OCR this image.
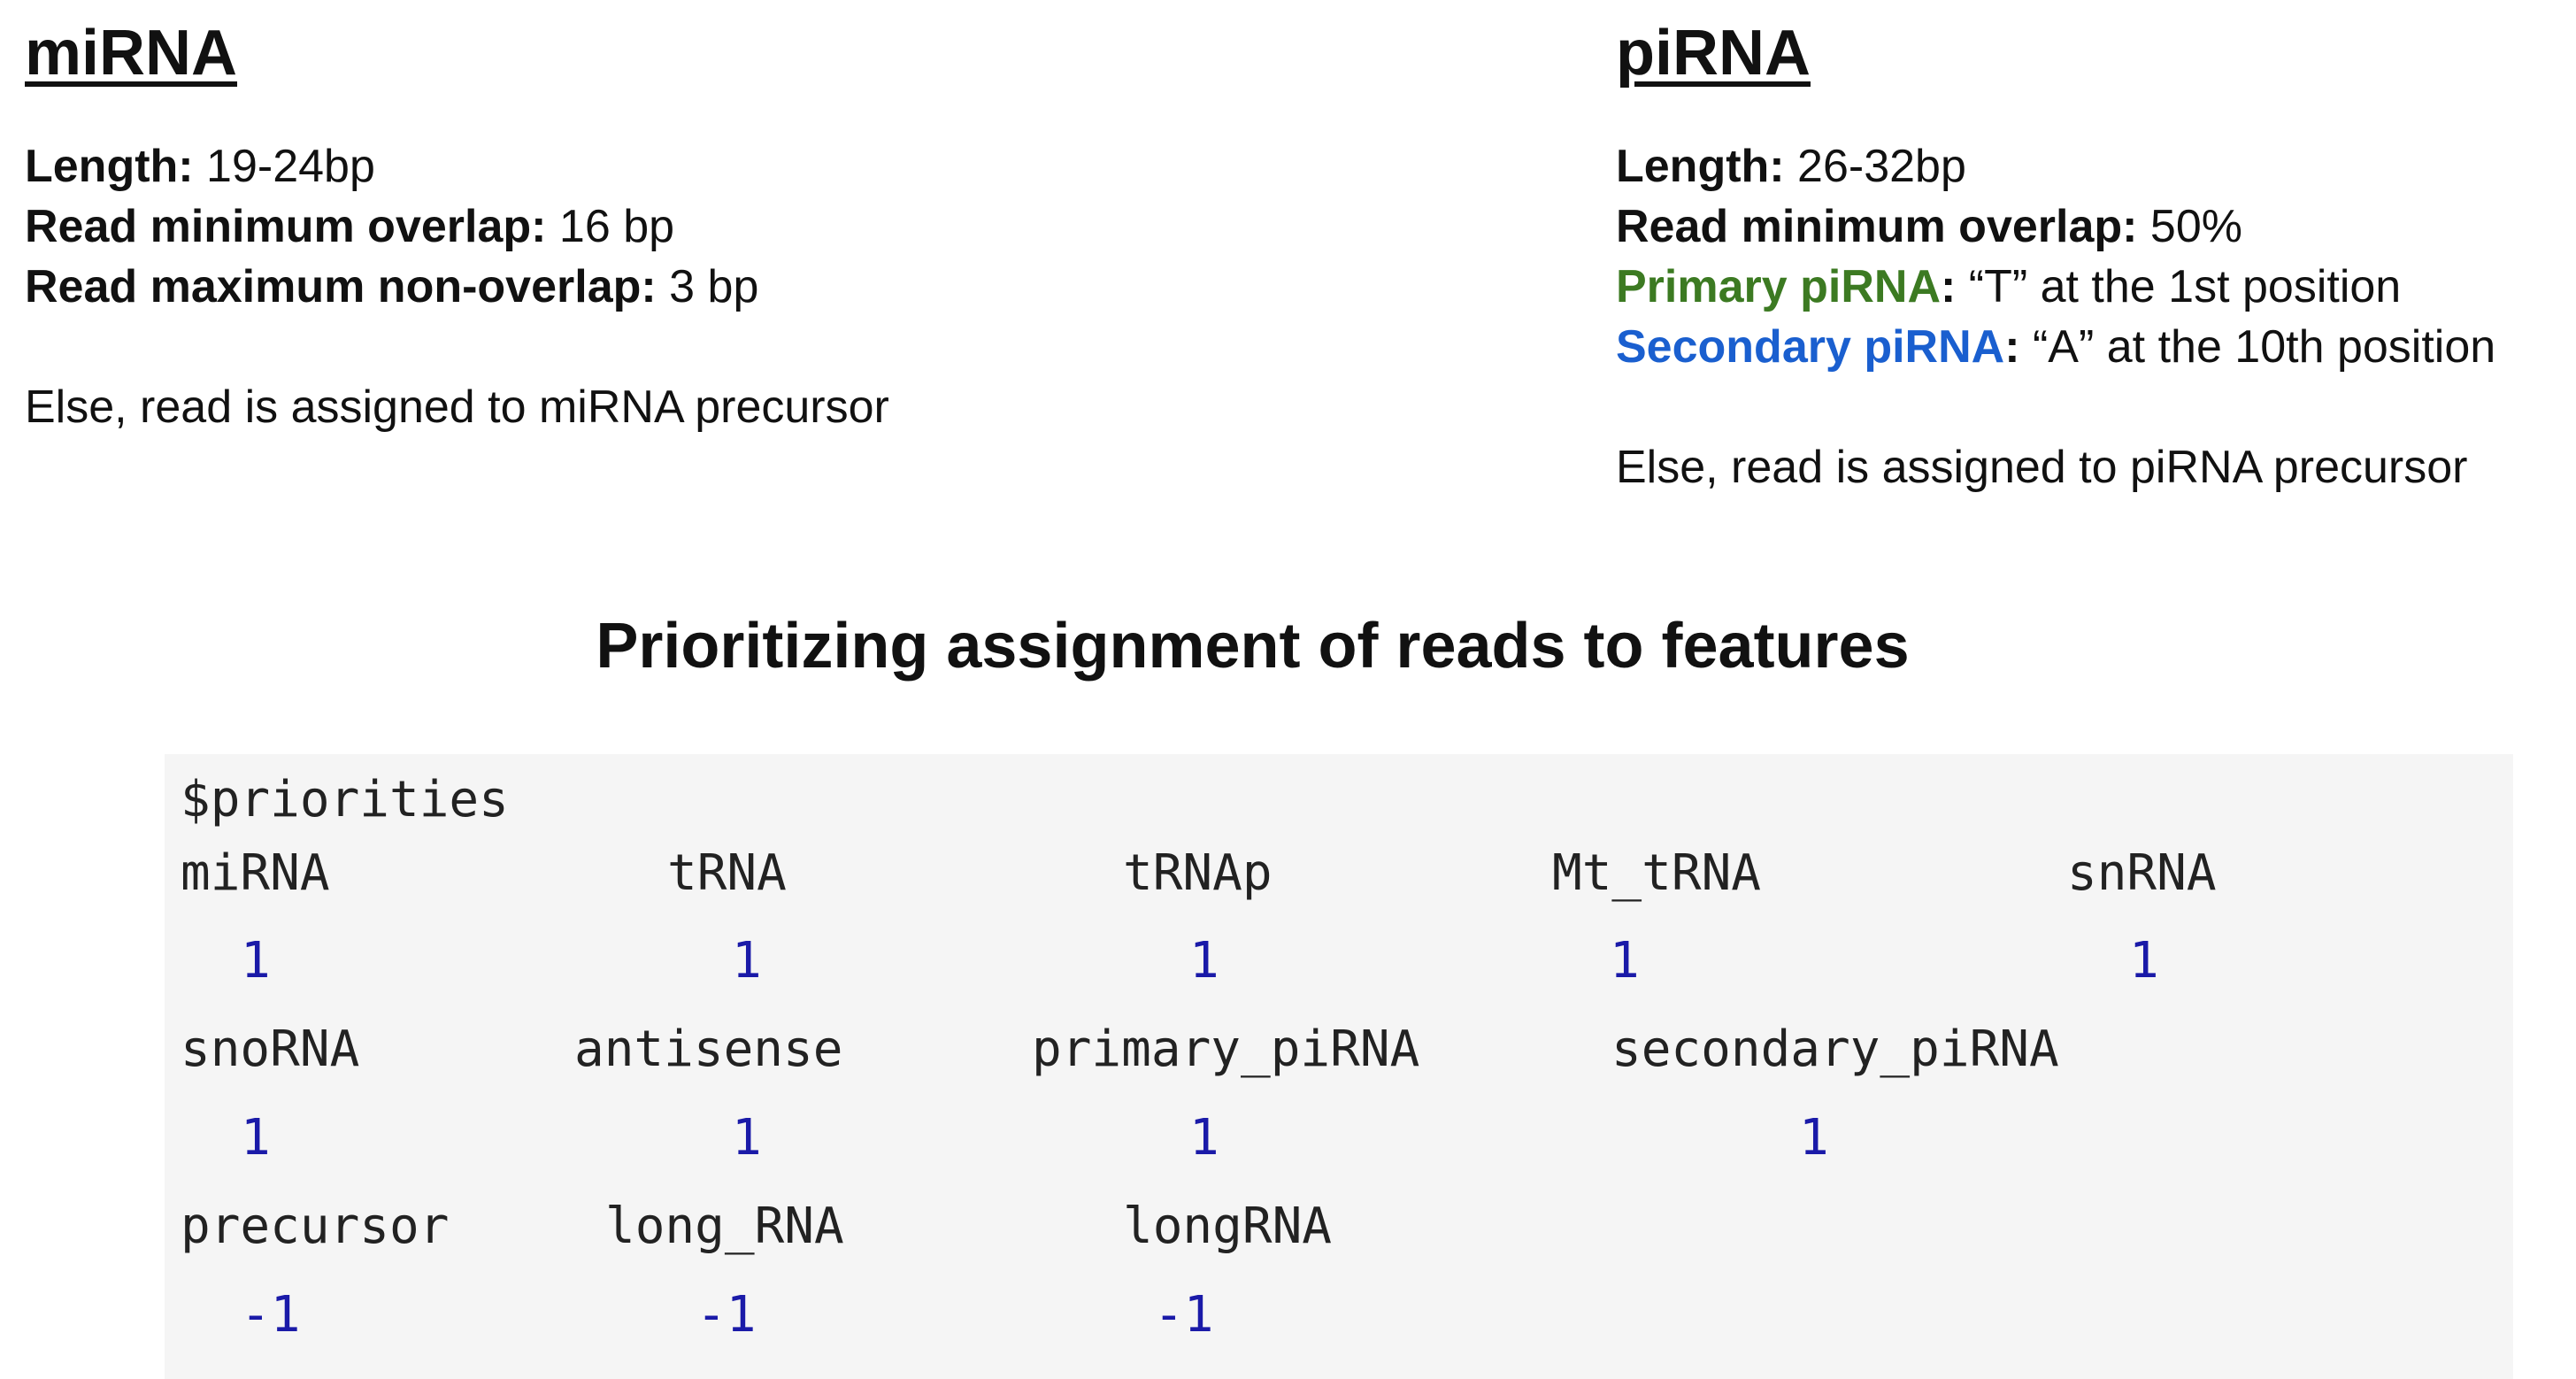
miRNA
Length: 19-24bp
Read minimum overlap: 16 bp
Read maximum non-overlap: 3 bp
Else, read is assigned to miRNA precursor
piRNA
Length: 26-32bp
Read minimum overlap: 50%
Primary piRNA: “T” at the 1st position
Secondary piRNA: “A” at the 10th position
Else, read is assigned to piRNA precursor
Prioritizing assignment of reads to features
$priorities
miRNA
1
tRNA
1
tRNAp
1
Mt_tRNA
1
snRNA
1
snoRNA
1
antisense
1
primary_piRNA
1
secondary_piRNA
1
precursor
-1
long_RNA
-1
longRNA
-1
